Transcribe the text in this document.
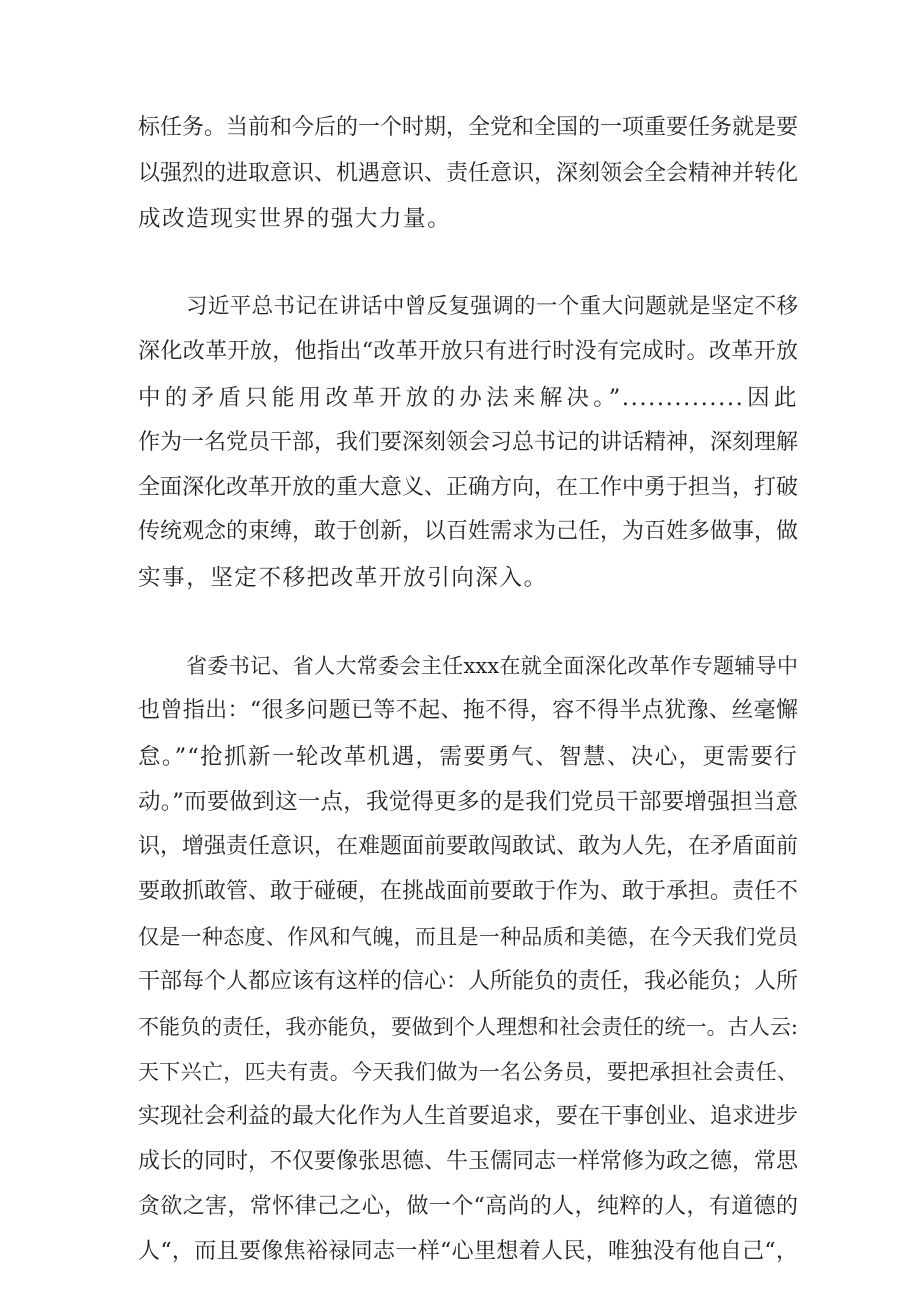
标任务。当前和今后的一个时期，全党和全国的一项重要任务就是要

以强烈的进取意识、机遇意识、责任意识，深刻领会全会精神并转化

成改造现实世界的强大力量。

习近平总书记在讲话中曾反复强调的一个重大问题就是坚定不移

深化改革开放，他指出“改革开放只有进行时没有完成时。改革开放

中的矛盾只能用改革开放的办法来解决。”..............因此

作为一名党员干部，我们要深刻领会习总书记的讲话精神，深刻理解

全面深化改革开放的重大意义、正确方向，在工作中勇于担当，打破

传统观念的束缚，敢于创新，以百姓需求为己任，为百姓多做事，做

实事，坚定不移把改革开放引向深入。

省委书记、省人大常委会主任xxx在就全面深化改革作专题辅导中

也曾指出：“很多问题已等不起、拖不得，容不得半点犹豫、丝毫懈

怠。”“抢抓新一轮改革机遇，需要勇气、智慧、决心，更需要行

动。”而要做到这一点，我觉得更多的是我们党员干部要增强担当意

识，增强责任意识，在难题面前要敢闯敢试、敢为人先，在矛盾面前

要敢抓敢管、敢于碰硬，在挑战面前要敢于作为、敢于承担。责任不

仅是一种态度、作风和气魄，而且是一种品质和美德，在今天我们党员

干部每个人都应该有这样的信心：人所能负的责任，我必能负；人所

不能负的责任，我亦能负，要做到个人理想和社会责任的统一。古人云:

天下兴亡，匹夫有责。今天我们做为一名公务员，要把承担社会责任、

实现社会利益的最大化作为人生首要追求，要在干事创业、追求进步

成长的同时，不仅要像张思德、牛玉儒同志一样常修为政之德，常思

贪欲之害，常怀律己之心，做一个“高尚的人，纯粹的人，有道德的

人“，而且要像焦裕禄同志一样“心里想着人民，唯独没有他自己“，
